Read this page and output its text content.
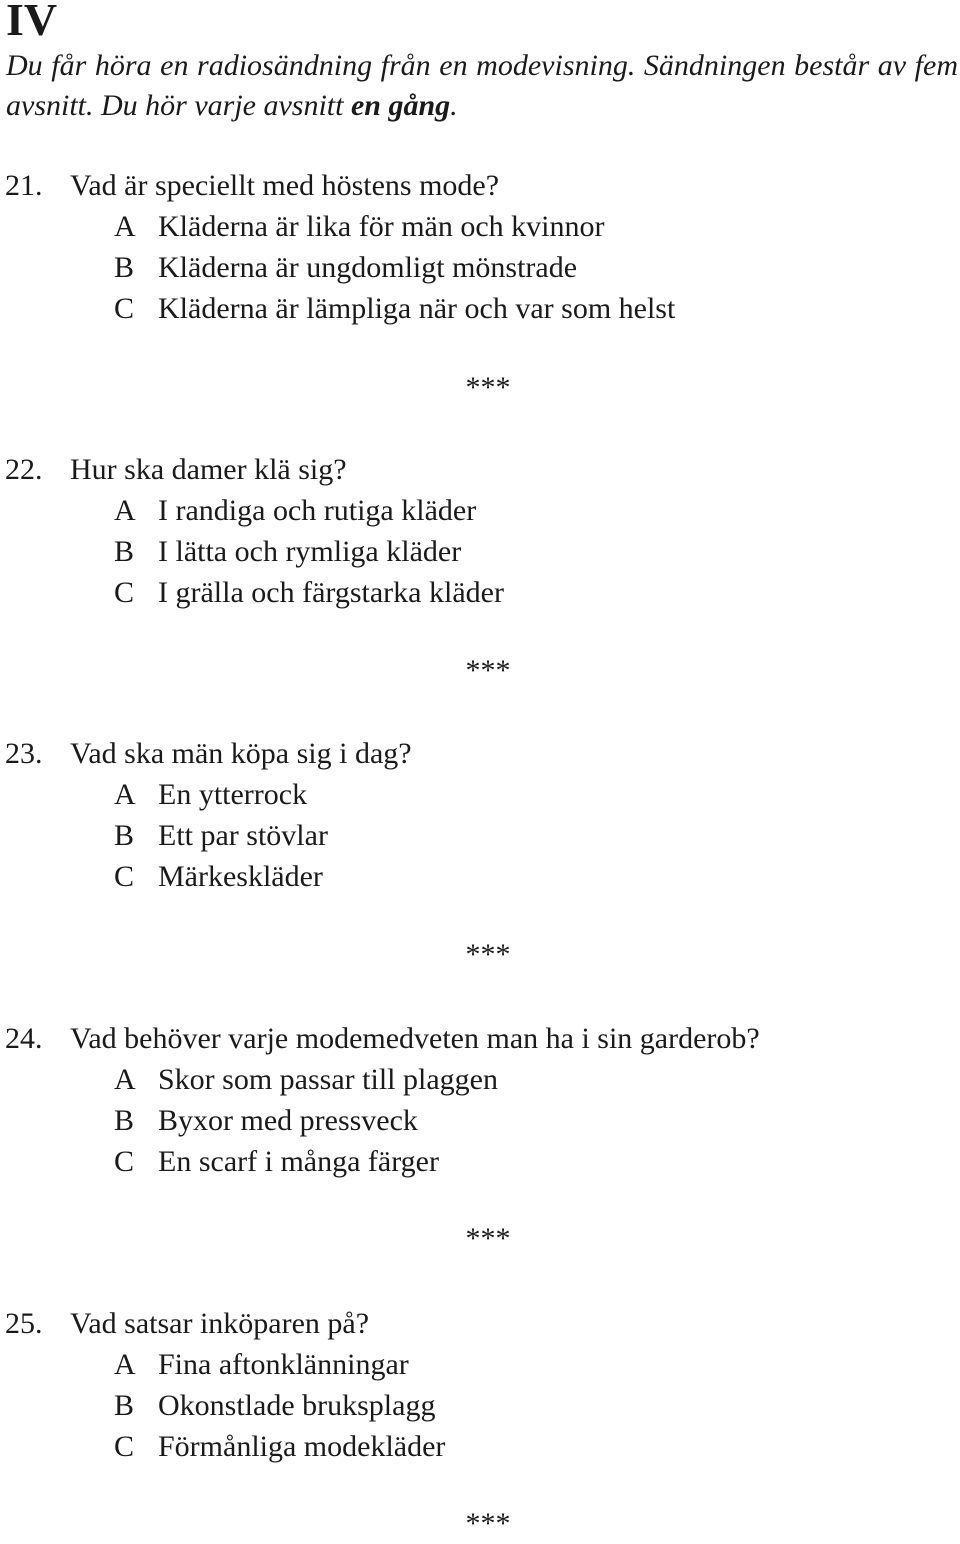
IV

Du får höra en radiosändning från en modevisning. Sändningen består av fem avsnitt. Du hör varje avsnitt en gång.

21. Vad är speciellt med höstens mode?
A Kläderna är lika för män och kvinnor
B Kläderna är ungdomligt mönstrade
C Kläderna är lämpliga när och var som helst
***
22. Hur ska damer klä sig?
A I randiga och rutiga kläder
B I lätta och rymliga kläder
C I grälla och färgstarka kläder
***
23. Vad ska män köpa sig i dag?
A En ytterrock
B Ett par stövlar
C Märkeskläder
***
24. Vad behöver varje modemedveten man ha i sin garderob?
A Skor som passar till plaggen
B Byxor med pressveck
C En scarf i många färger
***
25. Vad satsar inköparen på?
A Fina aftonklänningar
B Okonstlade bruksplagg
C Förmånliga modekläder
***
